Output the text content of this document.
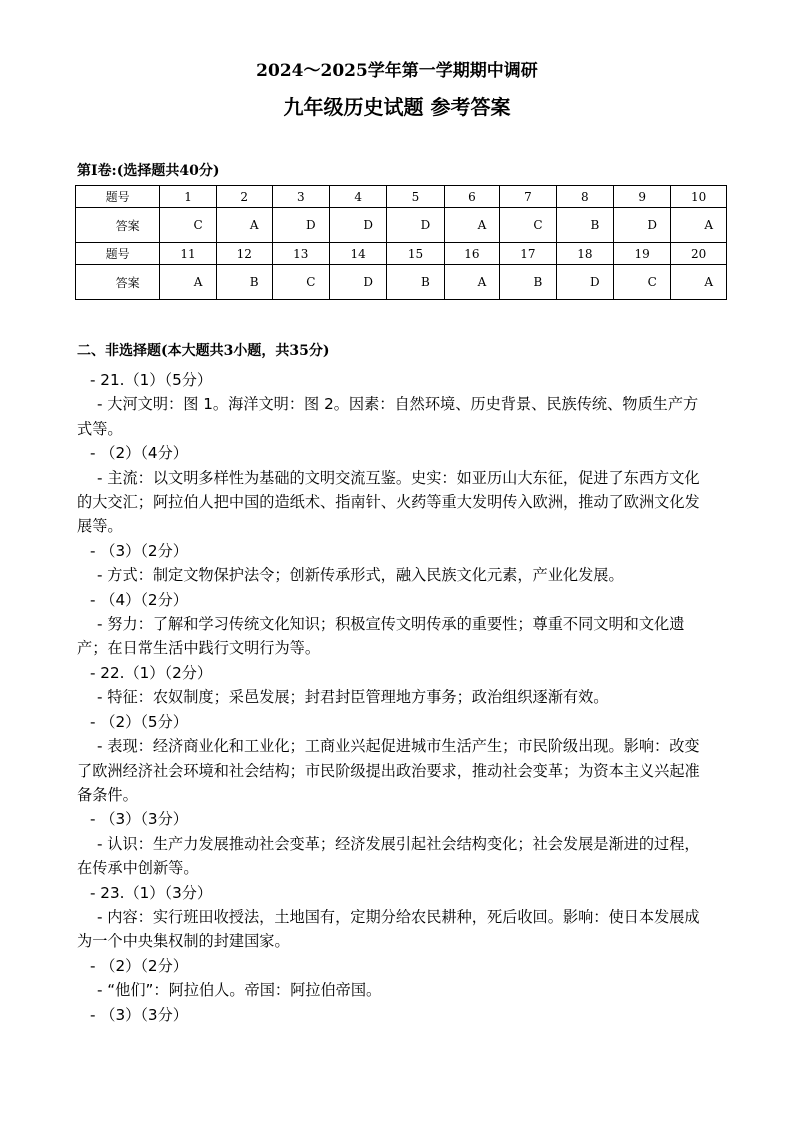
2024～2025学年第一学期期中调研
九年级历史试题 参考答案
第Ⅰ卷:(选择题共40分)
题号	1	2	3	4	5	6	7	8	9	10
答案	C	A	D	D	D	A	C	B	D	A
题号	11	12	13	14	15	16	17	18	19	20
答案	A	B	C	D	B	A	B	D	C	A
二、非选择题(本大题共3小题，共35分)

- 21.（1）（5分）

- 大河文明：图 1。海洋文明：图 2。因素：自然环境、历史背景、民族传统、物质生产方式等。

- （2）（4分）

- 主流：以文明多样性为基础的文明交流互鉴。史实：如亚历山大东征，促进了东西方文化的大交汇；阿拉伯人把中国的造纸术、指南针、火药等重大发明传入欧洲，推动了欧洲文化发展等。

- （3）（2分）

- 方式：制定文物保护法令；创新传承形式，融入民族文化元素，产业化发展。

- （4）（2分）

- 努力：了解和学习传统文化知识；积极宣传文明传承的重要性；尊重不同文明和文化遗产；在日常生活中践行文明行为等。

- 22.（1）（2分）

- 特征：农奴制度；采邑发展；封君封臣管理地方事务；政治组织逐渐有效。

- （2）（5分）

- 表现：经济商业化和工业化；工商业兴起促进城市生活产生；市民阶级出现。影响：改变了欧洲经济社会环境和社会结构；市民阶级提出政治要求，推动社会变革；为资本主义兴起准备条件。

- （3）（3分）

- 认识：生产力发展推动社会变革；经济发展引起社会结构变化；社会发展是渐进的过程，在传承中创新等。

- 23.（1）（3分）

- 内容：实行班田收授法，土地国有，定期分给农民耕种，死后收回。影响：使日本发展成为一个中央集权制的封建国家。

- （2）（2分）

- “他们”：阿拉伯人。帝国：阿拉伯帝国。

- （3）（3分）
